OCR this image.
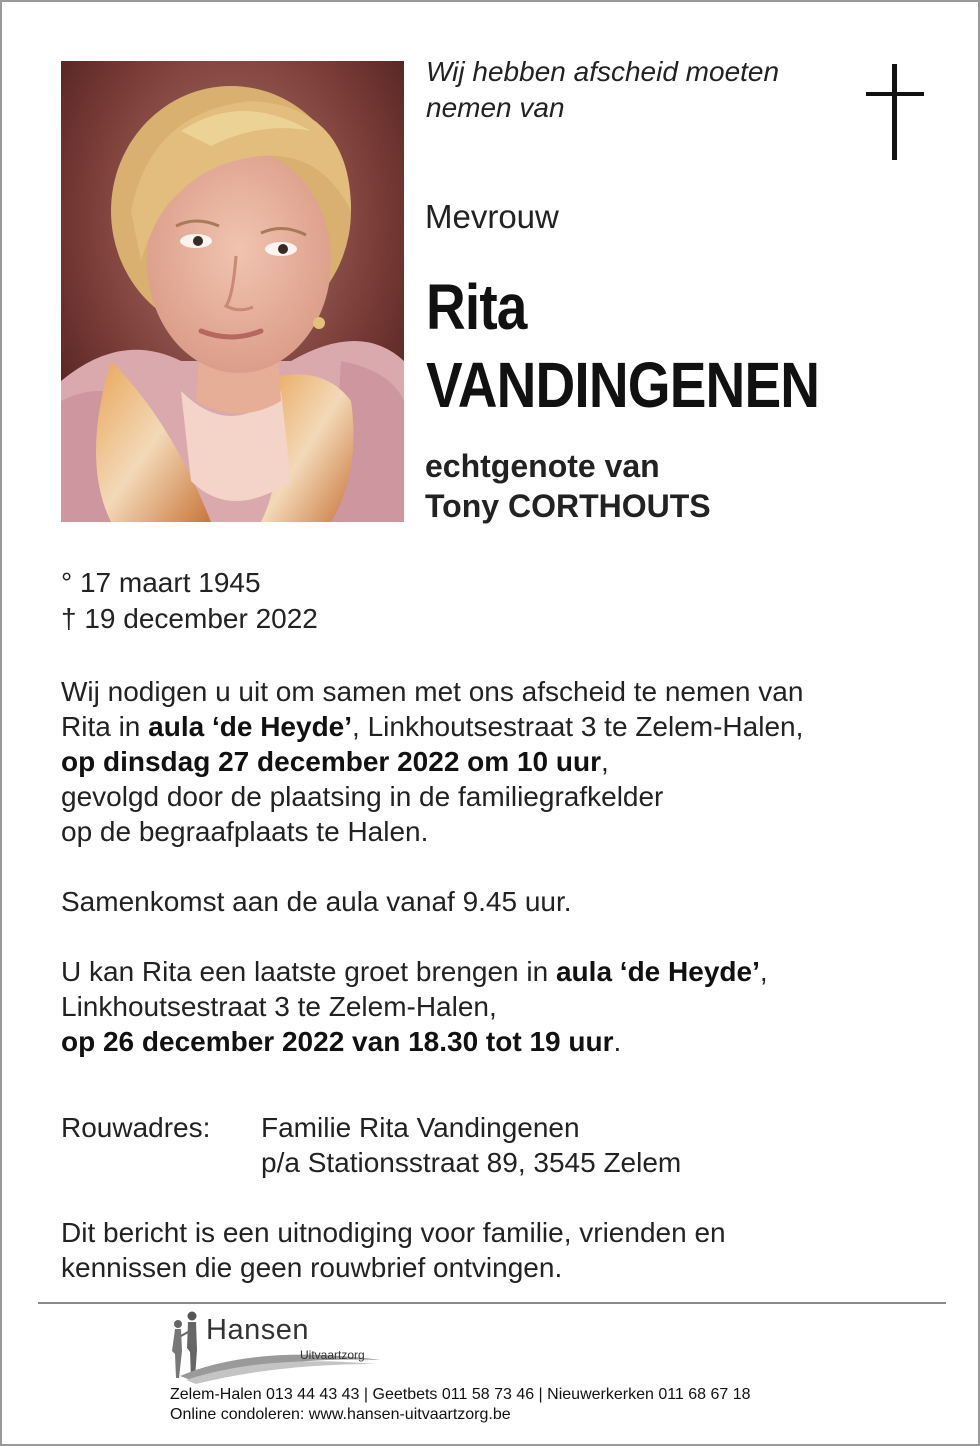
Wij hebben afscheid moeten
nemen van
Mevrouw
Rita
VANDINGENEN
echtgenote van
Tony CORTHOUTS
° 17 maart 1945
† 19 december 2022
Wij nodigen u uit om samen met ons afscheid te nemen van
Rita in aula ‘de Heyde’, Linkhoutsestraat 3 te Zelem-Halen,
op dinsdag 27 december 2022 om 10 uur,
gevolgd door de plaatsing in de familiegrafkelder
op de begraafplaats te Halen.
Samenkomst aan de aula vanaf 9.45 uur.
U kan Rita een laatste groet brengen in aula ‘de Heyde’,
Linkhoutsestraat 3 te Zelem-Halen,
op 26 december 2022 van 18.30 tot 19 uur.
Rouwadres: Familie Rita Vandingenen
p/a Stationsstraat 89, 3545 Zelem
Dit bericht is een uitnodiging voor familie, vrienden en
kennissen die geen rouwbrief ontvingen.
Hansen
Uitvaartzorg
Zelem-Halen 013 44 43 43 | Geetbets 011 58 73 46 | Nieuwerkerken 011 68 67 18
Online condoleren: www.hansen-uitvaartzorg.be
